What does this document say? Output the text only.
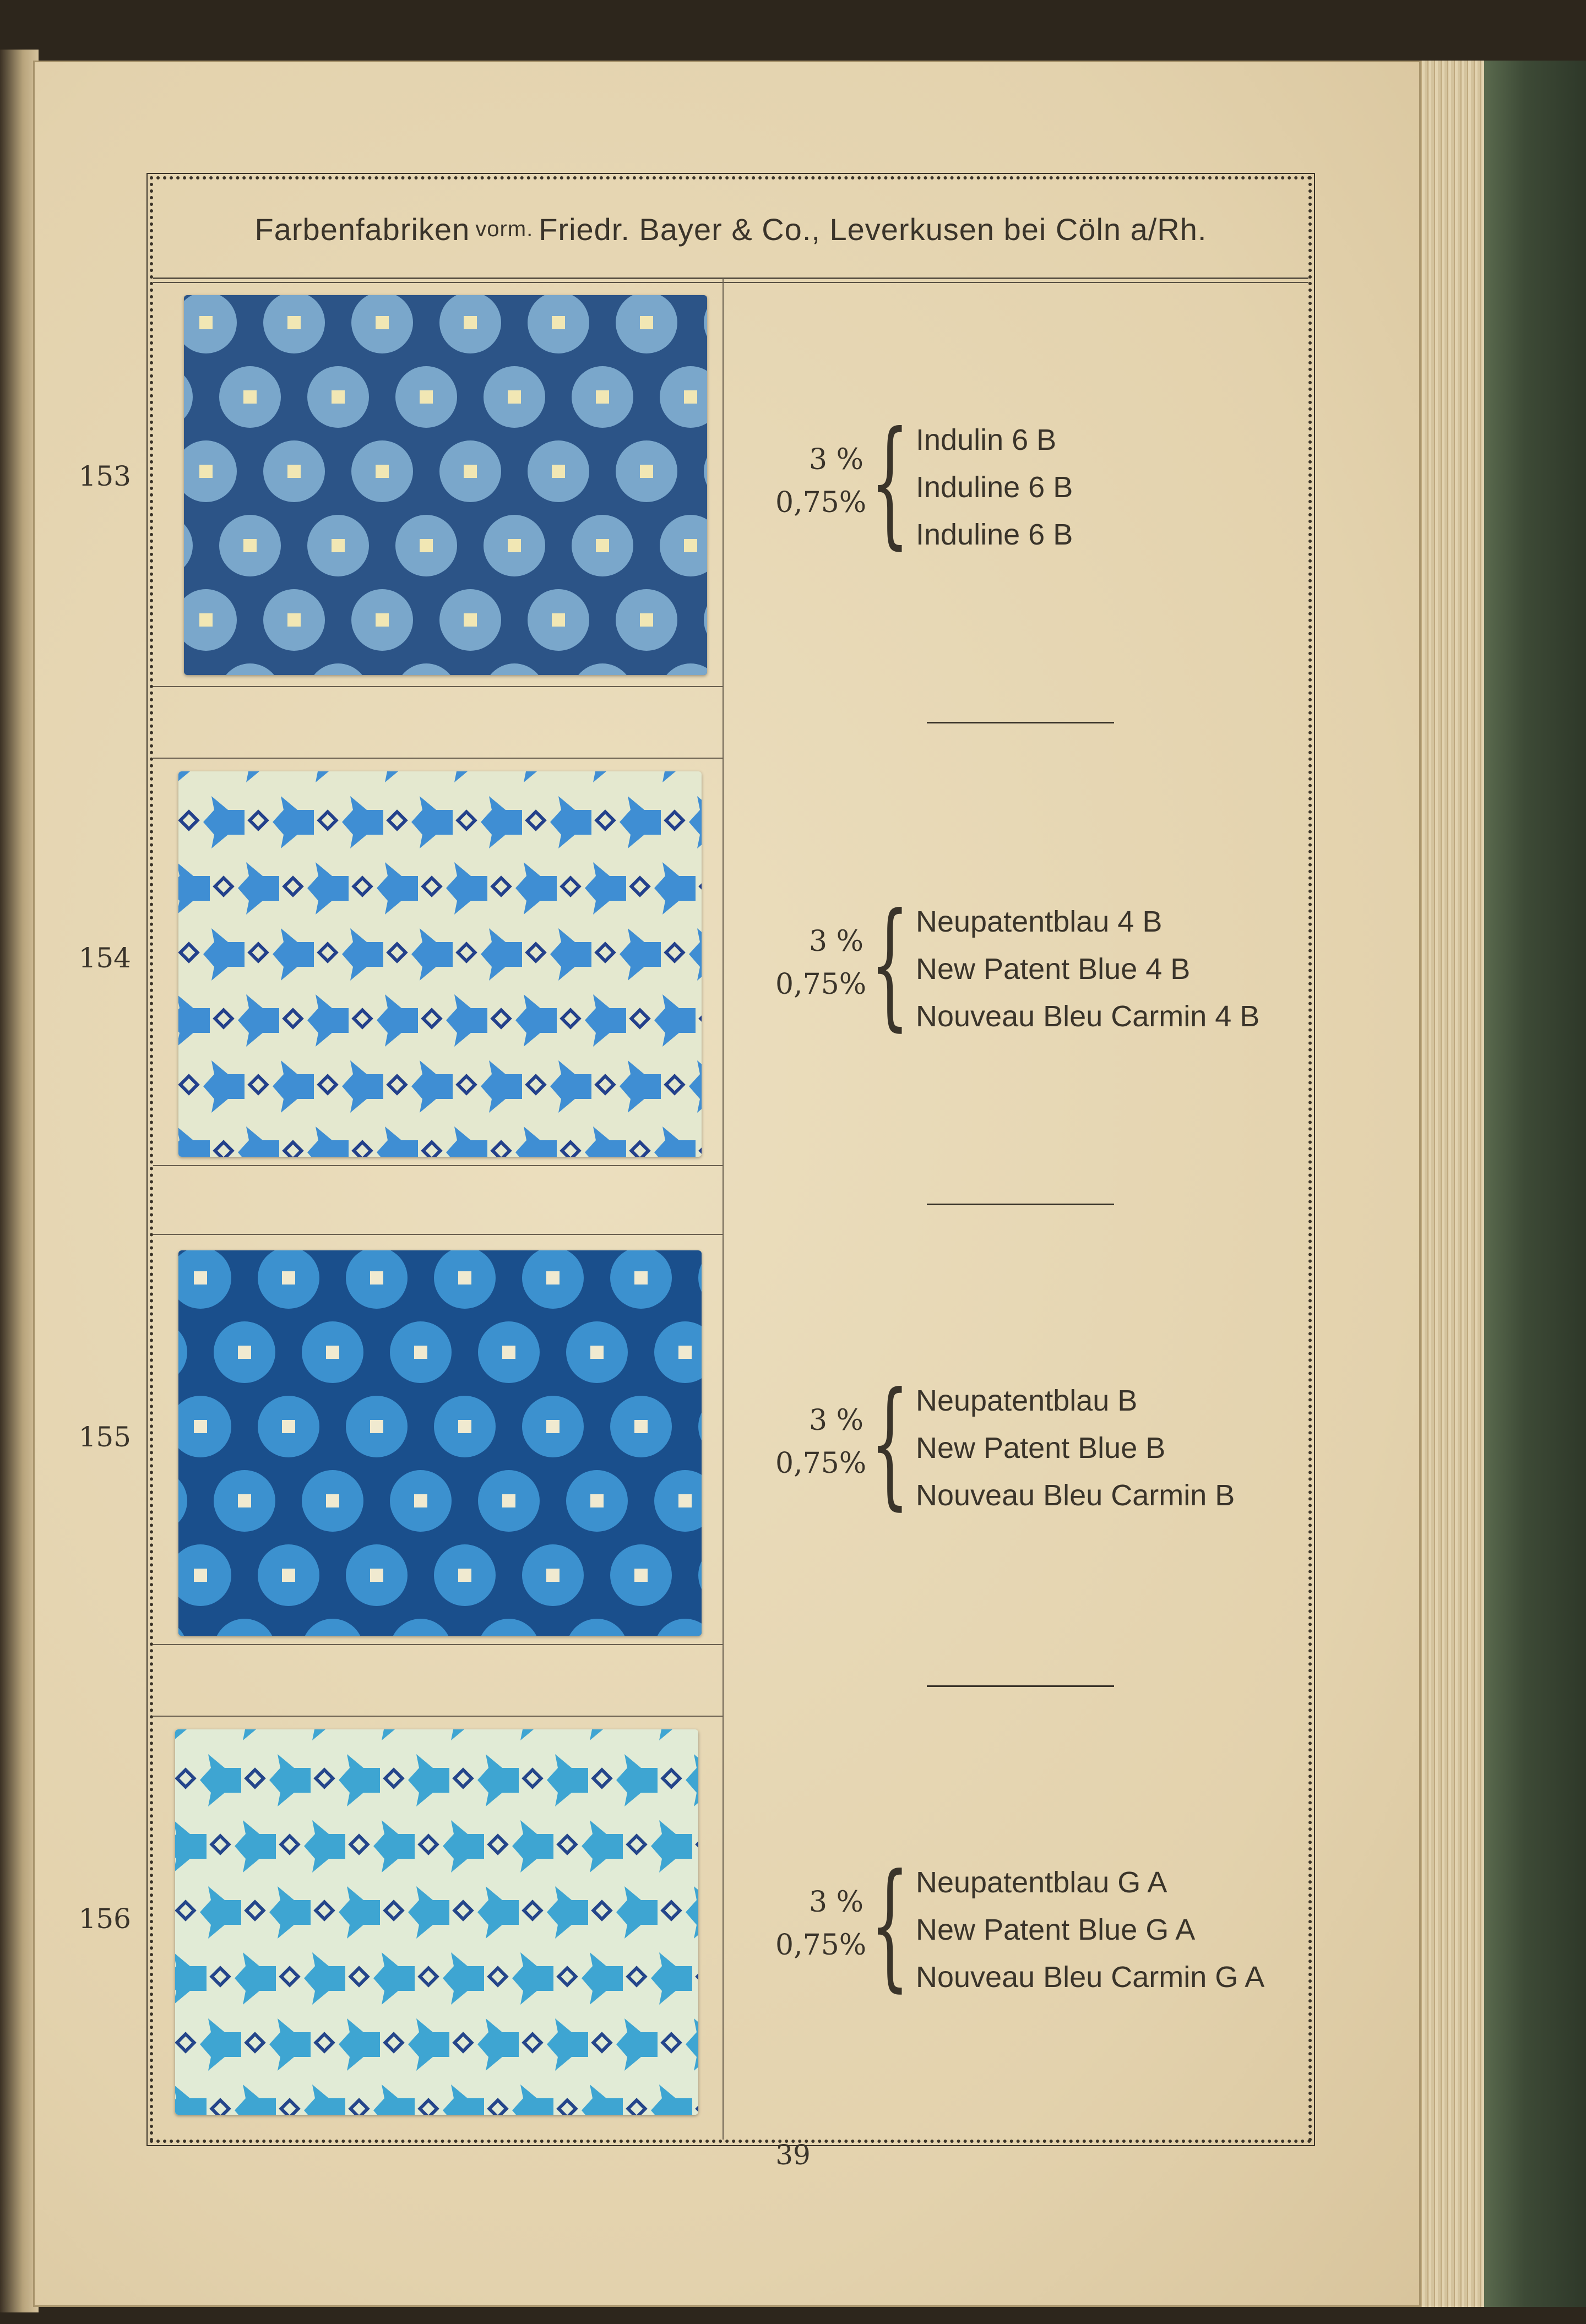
Farbenfabriken vorm. Friedr. Bayer & Co., Leverkusen bei Cöln a/Rh.
153	3 %
0,75% { Indulin 6 B
Induline 6 B
Induline 6 B
154	3 %
0,75% { Neupatentblau 4 B
New Patent Blue 4 B
Nouveau Bleu Carmin 4 B
155	3 %
0,75% { Neupatentblau B
New Patent Blue B
Nouveau Bleu Carmin B
156	3 %
0,75% { Neupatentblau G A
New Patent Blue G A
Nouveau Bleu Carmin G A
39
